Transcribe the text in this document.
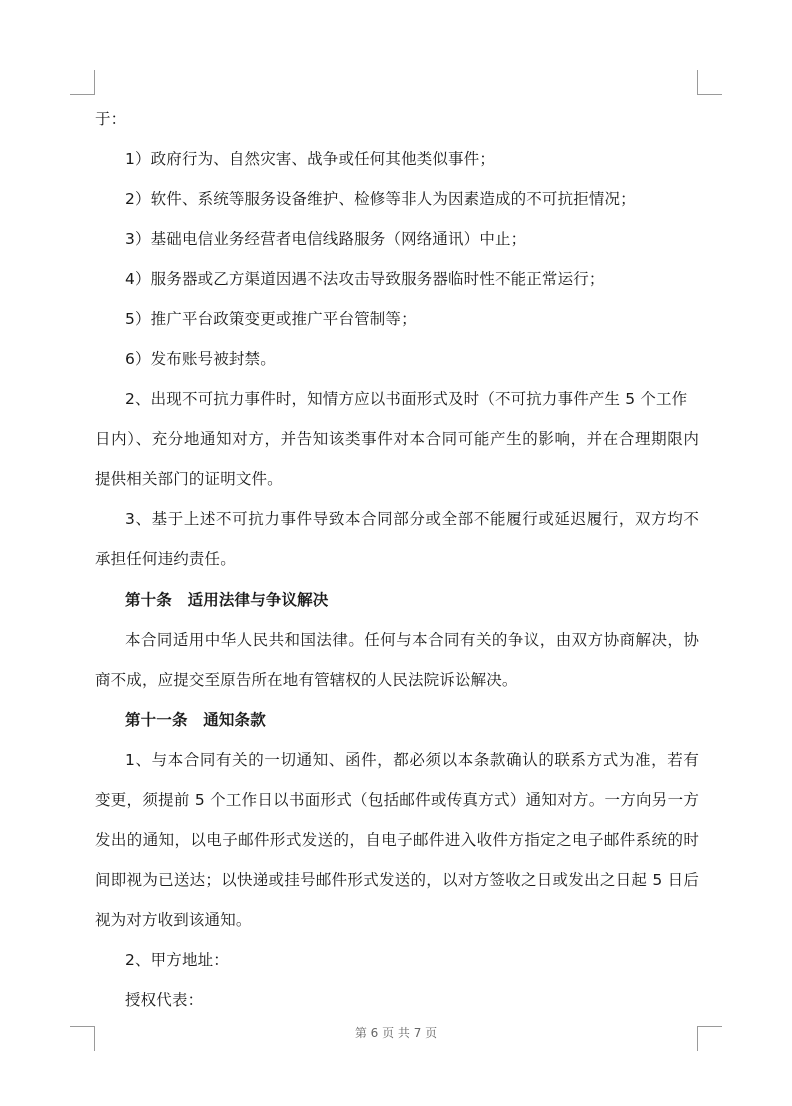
于：
1）政府行为、自然灾害、战争或任何其他类似事件；
2）软件、系统等服务设备维护、检修等非人为因素造成的不可抗拒情况；
3）基础电信业务经营者电信线路服务（网络通讯）中止；
4）服务器或乙方渠道因遇不法攻击导致服务器临时性不能正常运行；
5）推广平台政策变更或推广平台管制等；
6）发布账号被封禁。
2、出现不可抗力事件时，知情方应以书面形式及时（不可抗力事件产生 5 个工作
日内）、充分地通知对方，并告知该类事件对本合同可能产生的影响，并在合理期限内
提供相关部门的证明文件。
3、基于上述不可抗力事件导致本合同部分或全部不能履行或延迟履行，双方均不
承担任何违约责任。
第十条　适用法律与争议解决
本合同适用中华人民共和国法律。任何与本合同有关的争议，由双方协商解决，协
商不成，应提交至原告所在地有管辖权的人民法院诉讼解决。
第十一条　通知条款
1、与本合同有关的一切通知、函件，都必须以本条款确认的联系方式为准，若有
变更，须提前 5 个工作日以书面形式（包括邮件或传真方式）通知对方。一方向另一方
发出的通知，以电子邮件形式发送的，自电子邮件进入收件方指定之电子邮件系统的时
间即视为已送达；以快递或挂号邮件形式发送的，以对方签收之日或发出之日起 5 日后
视为对方收到该通知。
2、甲方地址：
授权代表：
第 6 页 共 7 页
